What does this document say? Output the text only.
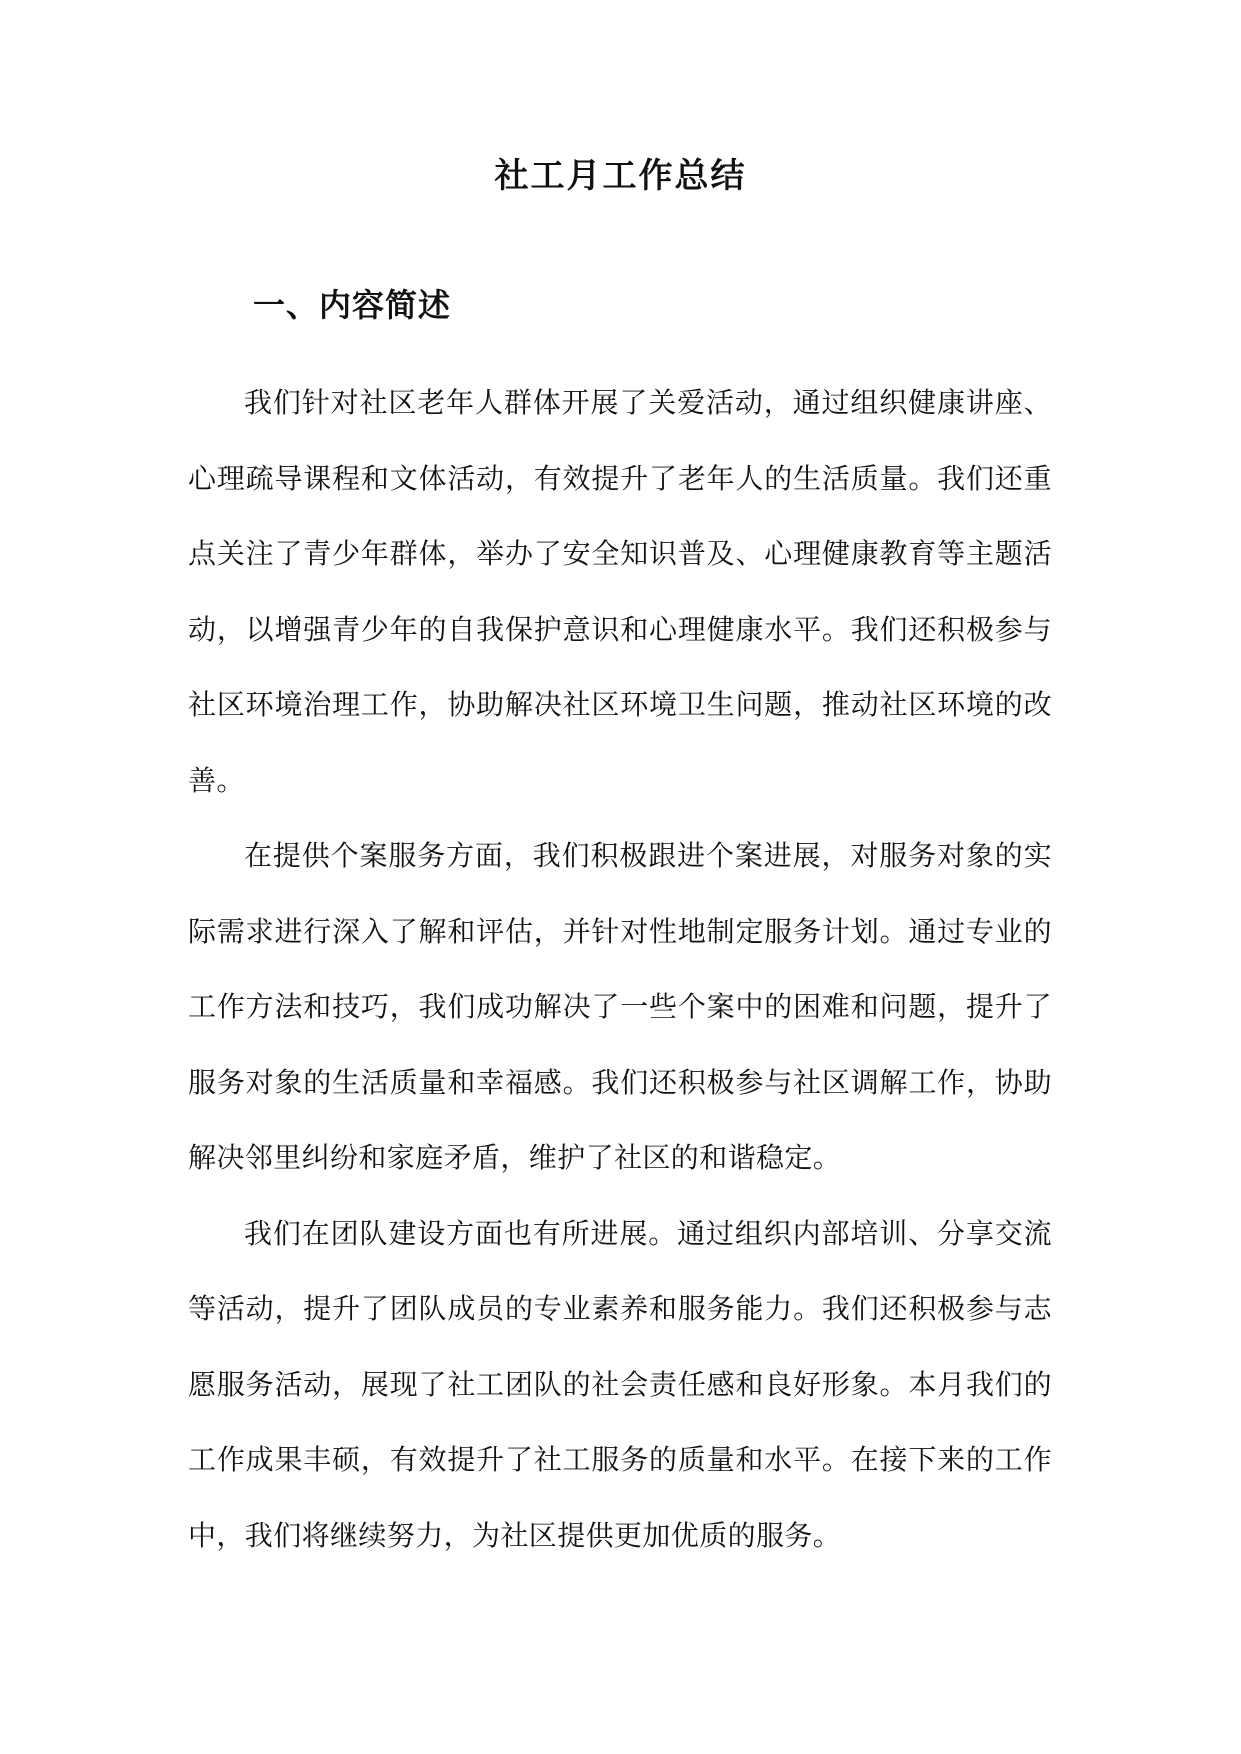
社工月工作总结
一、内容简述

我们针对社区老年人群体开展了关爱活动，通过组织健康讲座、心理疏导课程和文体活动，有效提升了老年人的生活质量。我们还重点关注了青少年群体，举办了安全知识普及、心理健康教育等主题活动，以增强青少年的自我保护意识和心理健康水平。我们还积极参与社区环境治理工作，协助解决社区环境卫生问题，推动社区环境的改善。

在提供个案服务方面，我们积极跟进个案进展，对服务对象的实际需求进行深入了解和评估，并针对性地制定服务计划。通过专业的工作方法和技巧，我们成功解决了一些个案中的困难和问题，提升了服务对象的生活质量和幸福感。我们还积极参与社区调解工作，协助解决邻里纠纷和家庭矛盾，维护了社区的和谐稳定。

我们在团队建设方面也有所进展。通过组织内部培训、分享交流等活动，提升了团队成员的专业素养和服务能力。我们还积极参与志愿服务活动，展现了社工团队的社会责任感和良好形象。本月我们的工作成果丰硕，有效提升了社工服务的质量和水平。在接下来的工作中，我们将继续努力，为社区提供更加优质的服务。
